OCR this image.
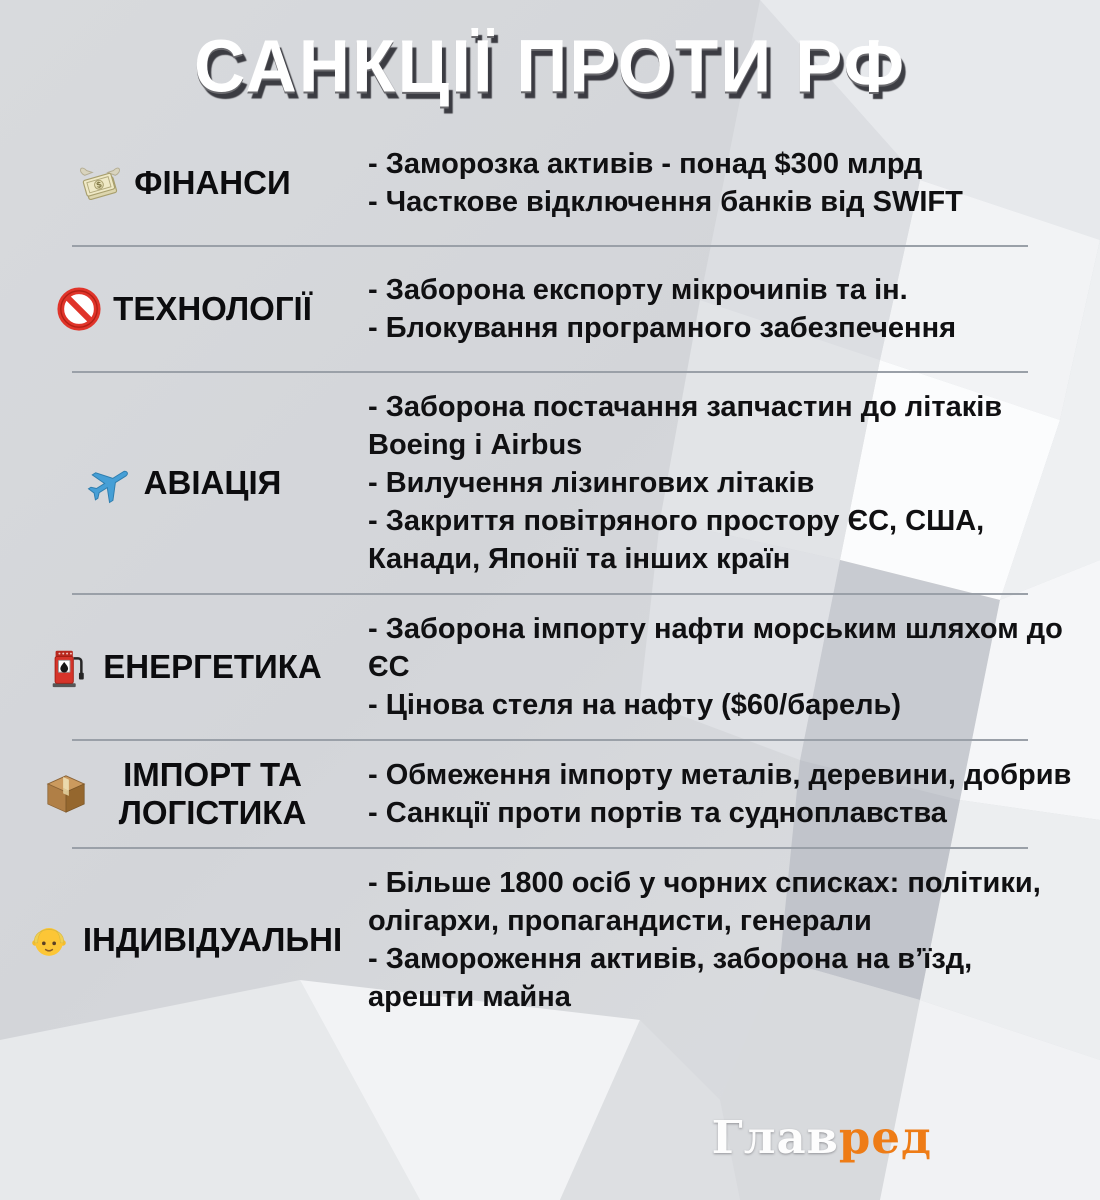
САНКЦІЇ ПРОТИ РФ
$ ФІНАНСИ
- Заморозка активів - понад $300 млрд
- Часткове відключення банків від SWIFT
ТЕХНОЛОГІЇ
- Заборона експорту мікрочипів та ін.
- Блокування програмного забезпечення
АВІАЦІЯ
- Заборона постачання запчастин до літаків Boeing і Airbus
- Вилучення лізингових літаків
- Закриття повітряного простору ЄС, США, Канади, Японії та інших країн
ЕНЕРГЕТИКА
- Заборона імпорту нафти морським шляхом до ЄС
- Цінова стеля на нафту ($60/барель)
ІМПОРТ ТА ЛОГІСТИКА
- Обмеження імпорту металів, деревини, добрив
- Санкції проти портів та судноплавства
ІНДИВІДУАЛЬНІ
- Більше 1800 осіб у чорних списках: політики, олігархи, пропагандисти, генерали
- Замороження активів, заборона на в’їзд, арешти майна
Главред
